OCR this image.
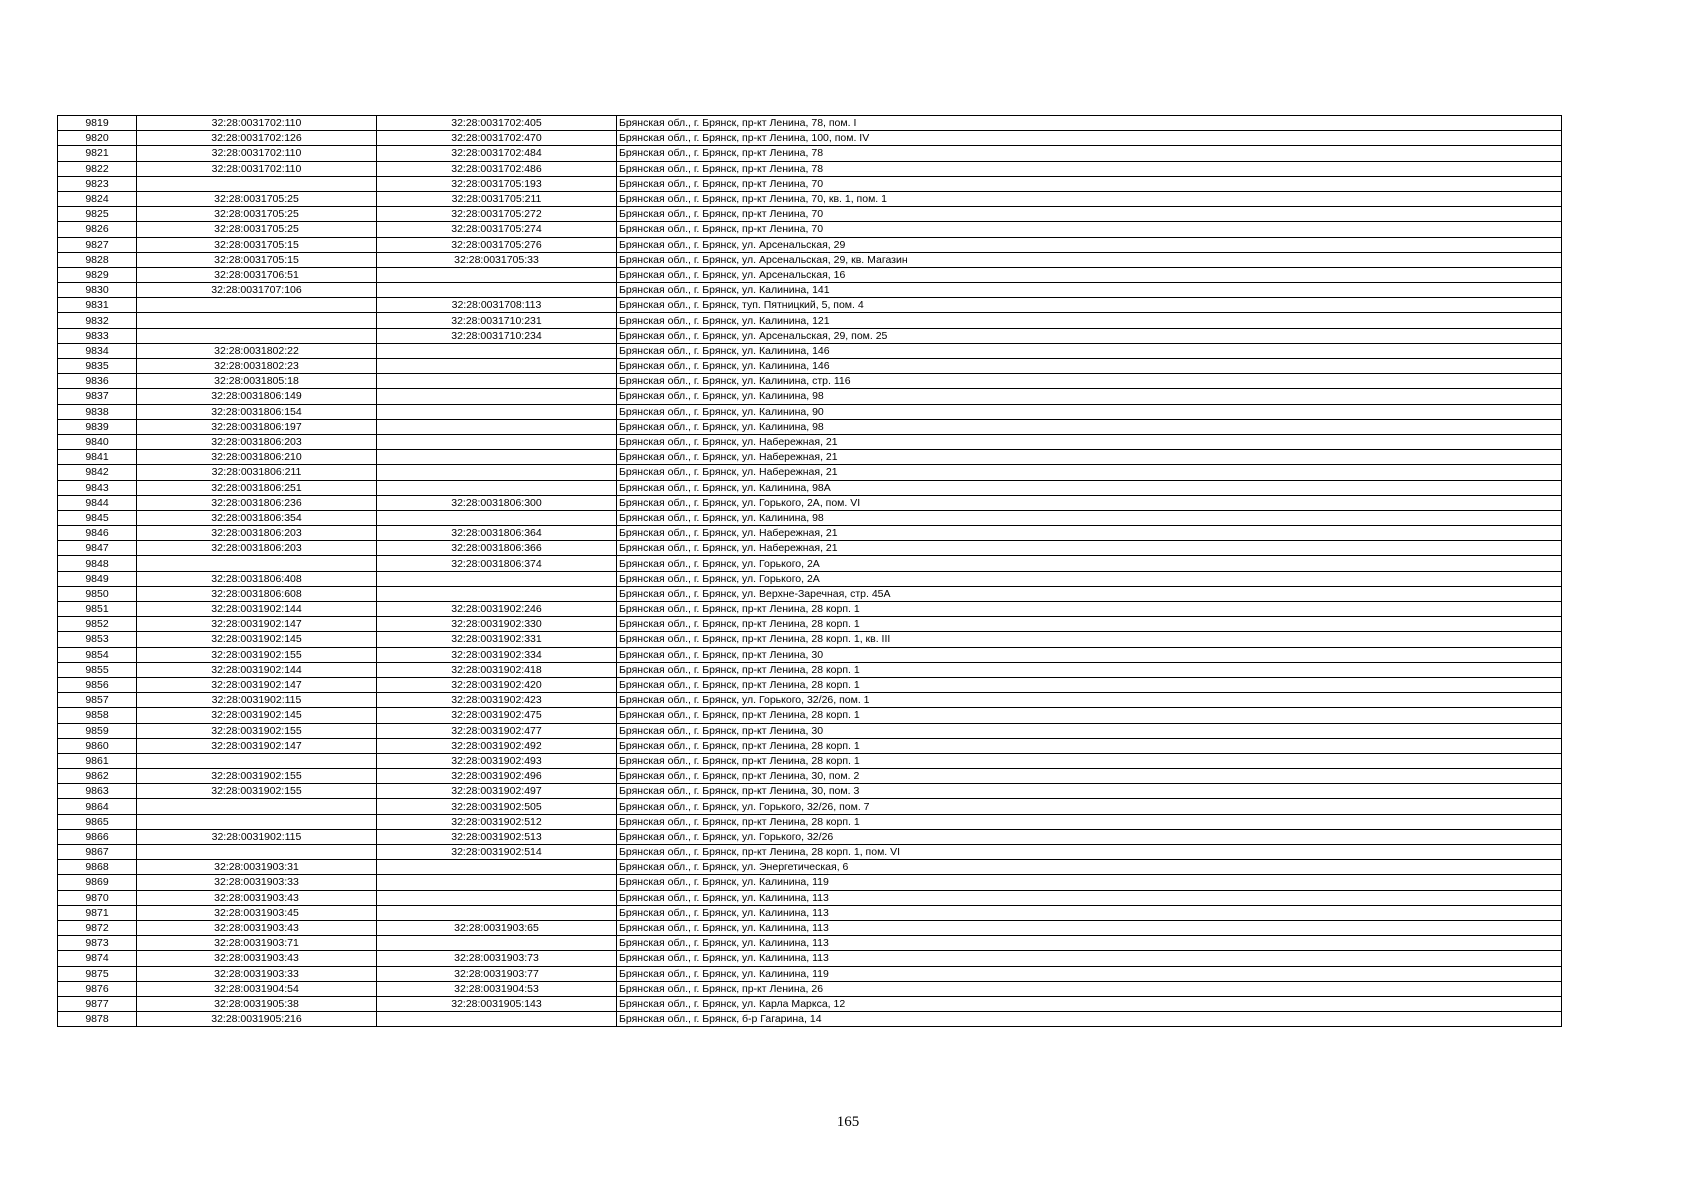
9819	32:28:0031702:110	32:28:0031702:405	Брянская обл., г. Брянск, пр-кт Ленина, 78, пом. I
9820	32:28:0031702:126	32:28:0031702:470	Брянская обл., г. Брянск, пр-кт Ленина, 100, пом. IV
9821	32:28:0031702:110	32:28:0031702:484	Брянская обл., г. Брянск, пр-кт Ленина, 78
9822	32:28:0031702:110	32:28:0031702:486	Брянская обл., г. Брянск, пр-кт Ленина, 78
9823		32:28:0031705:193	Брянская обл., г. Брянск, пр-кт Ленина, 70
9824	32:28:0031705:25	32:28:0031705:211	Брянская обл., г. Брянск, пр-кт Ленина, 70, кв. 1, пом. 1
9825	32:28:0031705:25	32:28:0031705:272	Брянская обл., г. Брянск, пр-кт Ленина, 70
9826	32:28:0031705:25	32:28:0031705:274	Брянская обл., г. Брянск, пр-кт Ленина, 70
9827	32:28:0031705:15	32:28:0031705:276	Брянская обл., г. Брянск, ул. Арсенальская, 29
9828	32:28:0031705:15	32:28:0031705:33	Брянская обл., г. Брянск, ул. Арсенальская, 29, кв. Магазин
9829	32:28:0031706:51		Брянская обл., г. Брянск, ул. Арсенальская, 16
9830	32:28:0031707:106		Брянская обл., г. Брянск, ул. Калинина, 141
9831		32:28:0031708:113	Брянская обл., г. Брянск, туп. Пятницкий, 5, пом. 4
9832		32:28:0031710:231	Брянская обл., г. Брянск, ул. Калинина, 121
9833		32:28:0031710:234	Брянская обл., г. Брянск, ул. Арсенальская, 29, пом. 25
9834	32:28:0031802:22		Брянская обл., г. Брянск, ул. Калинина, 146
9835	32:28:0031802:23		Брянская обл., г. Брянск, ул. Калинина, 146
9836	32:28:0031805:18		Брянская обл., г. Брянск, ул. Калинина, стр. 116
9837	32:28:0031806:149		Брянская обл., г. Брянск, ул. Калинина, 98
9838	32:28:0031806:154		Брянская обл., г. Брянск, ул. Калинина, 90
9839	32:28:0031806:197		Брянская обл., г. Брянск, ул. Калинина, 98
9840	32:28:0031806:203		Брянская обл., г. Брянск, ул. Набережная, 21
9841	32:28:0031806:210		Брянская обл., г. Брянск, ул. Набережная, 21
9842	32:28:0031806:211		Брянская обл., г. Брянск, ул. Набережная, 21
9843	32:28:0031806:251		Брянская обл., г. Брянск, ул. Калинина, 98А
9844	32:28:0031806:236	32:28:0031806:300	Брянская обл., г. Брянск, ул. Горького, 2А, пом. VI
9845	32:28:0031806:354		Брянская обл., г. Брянск, ул. Калинина, 98
9846	32:28:0031806:203	32:28:0031806:364	Брянская обл., г. Брянск, ул. Набережная, 21
9847	32:28:0031806:203	32:28:0031806:366	Брянская обл., г. Брянск, ул. Набережная, 21
9848		32:28:0031806:374	Брянская обл., г. Брянск, ул. Горького, 2А
9849	32:28:0031806:408		Брянская обл., г. Брянск, ул. Горького, 2А
9850	32:28:0031806:608		Брянская обл., г. Брянск, ул. Верхне-Заречная, стр. 45А
9851	32:28:0031902:144	32:28:0031902:246	Брянская обл., г. Брянск, пр-кт Ленина, 28 корп. 1
9852	32:28:0031902:147	32:28:0031902:330	Брянская обл., г. Брянск, пр-кт Ленина, 28 корп. 1
9853	32:28:0031902:145	32:28:0031902:331	Брянская обл., г. Брянск, пр-кт Ленина, 28 корп. 1, кв. III
9854	32:28:0031902:155	32:28:0031902:334	Брянская обл., г. Брянск, пр-кт Ленина, 30
9855	32:28:0031902:144	32:28:0031902:418	Брянская обл., г. Брянск, пр-кт Ленина, 28 корп. 1
9856	32:28:0031902:147	32:28:0031902:420	Брянская обл., г. Брянск, пр-кт Ленина, 28 корп. 1
9857	32:28:0031902:115	32:28:0031902:423	Брянская обл., г. Брянск, ул. Горького, 32/26, пом. 1
9858	32:28:0031902:145	32:28:0031902:475	Брянская обл., г. Брянск, пр-кт Ленина, 28 корп. 1
9859	32:28:0031902:155	32:28:0031902:477	Брянская обл., г. Брянск, пр-кт Ленина, 30
9860	32:28:0031902:147	32:28:0031902:492	Брянская обл., г. Брянск, пр-кт Ленина, 28 корп. 1
9861		32:28:0031902:493	Брянская обл., г. Брянск, пр-кт Ленина, 28 корп. 1
9862	32:28:0031902:155	32:28:0031902:496	Брянская обл., г. Брянск, пр-кт Ленина, 30, пом. 2
9863	32:28:0031902:155	32:28:0031902:497	Брянская обл., г. Брянск, пр-кт Ленина, 30, пом. 3
9864		32:28:0031902:505	Брянская обл., г. Брянск, ул. Горького, 32/26, пом. 7
9865		32:28:0031902:512	Брянская обл., г. Брянск, пр-кт Ленина, 28 корп. 1
9866	32:28:0031902:115	32:28:0031902:513	Брянская обл., г. Брянск, ул. Горького, 32/26
9867		32:28:0031902:514	Брянская обл., г. Брянск, пр-кт Ленина, 28 корп. 1, пом. VI
9868	32:28:0031903:31		Брянская обл., г. Брянск, ул. Энергетическая, 6
9869	32:28:0031903:33		Брянская обл., г. Брянск, ул. Калинина, 119
9870	32:28:0031903:43		Брянская обл., г. Брянск, ул. Калинина, 113
9871	32:28:0031903:45		Брянская обл., г. Брянск, ул. Калинина, 113
9872	32:28:0031903:43	32:28:0031903:65	Брянская обл., г. Брянск, ул. Калинина, 113
9873	32:28:0031903:71		Брянская обл., г. Брянск, ул. Калинина, 113
9874	32:28:0031903:43	32:28:0031903:73	Брянская обл., г. Брянск, ул. Калинина, 113
9875	32:28:0031903:33	32:28:0031903:77	Брянская обл., г. Брянск, ул. Калинина, 119
9876	32:28:0031904:54	32:28:0031904:53	Брянская обл., г. Брянск, пр-кт Ленина, 26
9877	32:28:0031905:38	32:28:0031905:143	Брянская обл., г. Брянск, ул. Карла Маркса, 12
9878	32:28:0031905:216		Брянская обл., г. Брянск, б-р Гагарина, 14
165
